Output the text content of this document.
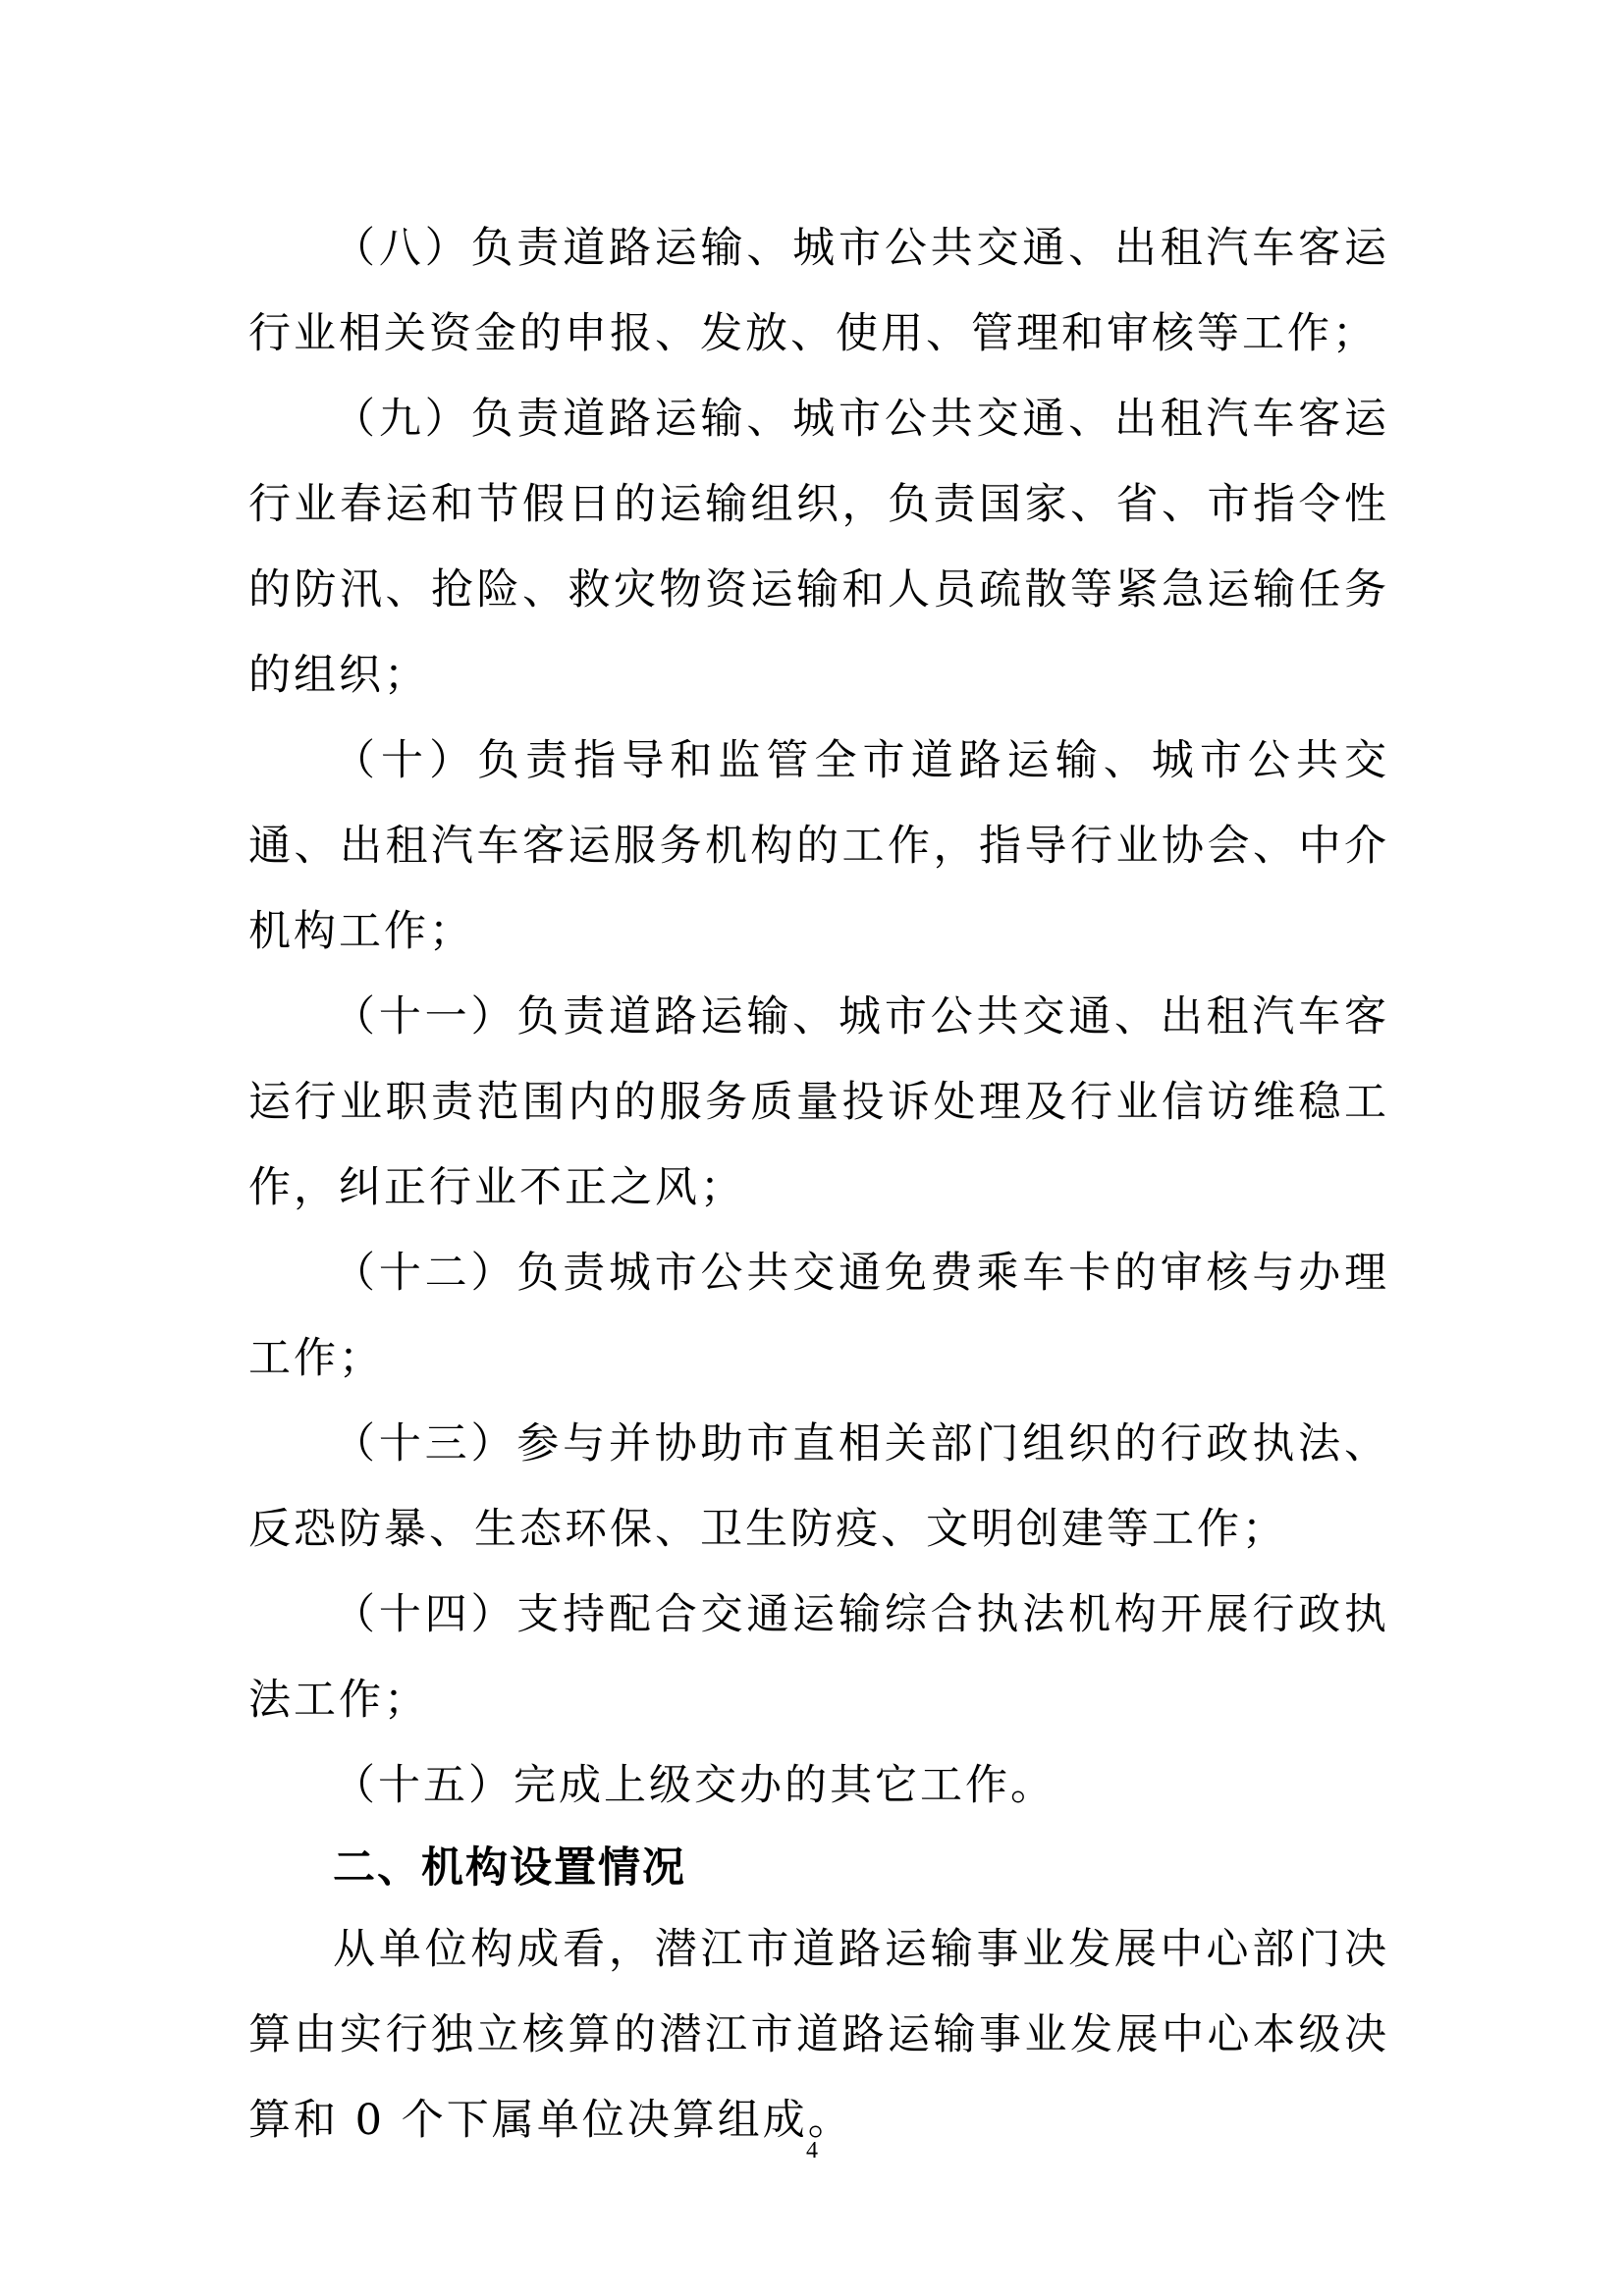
（八）负责道路运输、城市公共交通、出租汽车客运行业相关资金的申报、发放、使用、管理和审核等工作；

（九）负责道路运输、城市公共交通、出租汽车客运行业春运和节假日的运输组织，负责国家、省、市指令性的防汛、抢险、救灾物资运输和人员疏散等紧急运输任务的组织；

（十）负责指导和监管全市道路运输、城市公共交通、出租汽车客运服务机构的工作，指导行业协会、中介机构工作；

（十一）负责道路运输、城市公共交通、出租汽车客运行业职责范围内的服务质量投诉处理及行业信访维稳工作，纠正行业不正之风；

（十二）负责城市公共交通免费乘车卡的审核与办理工作；

（十三）参与并协助市直相关部门组织的行政执法、反恐防暴、生态环保、卫生防疫、文明创建等工作；

（十四）支持配合交通运输综合执法机构开展行政执法工作；

（十五）完成上级交办的其它工作。

二、机构设置情况

从单位构成看，潜江市道路运输事业发展中心部门决算由实行独立核算的潜江市道路运输事业发展中心本级决算和 0 个下属单位决算组成。

4
